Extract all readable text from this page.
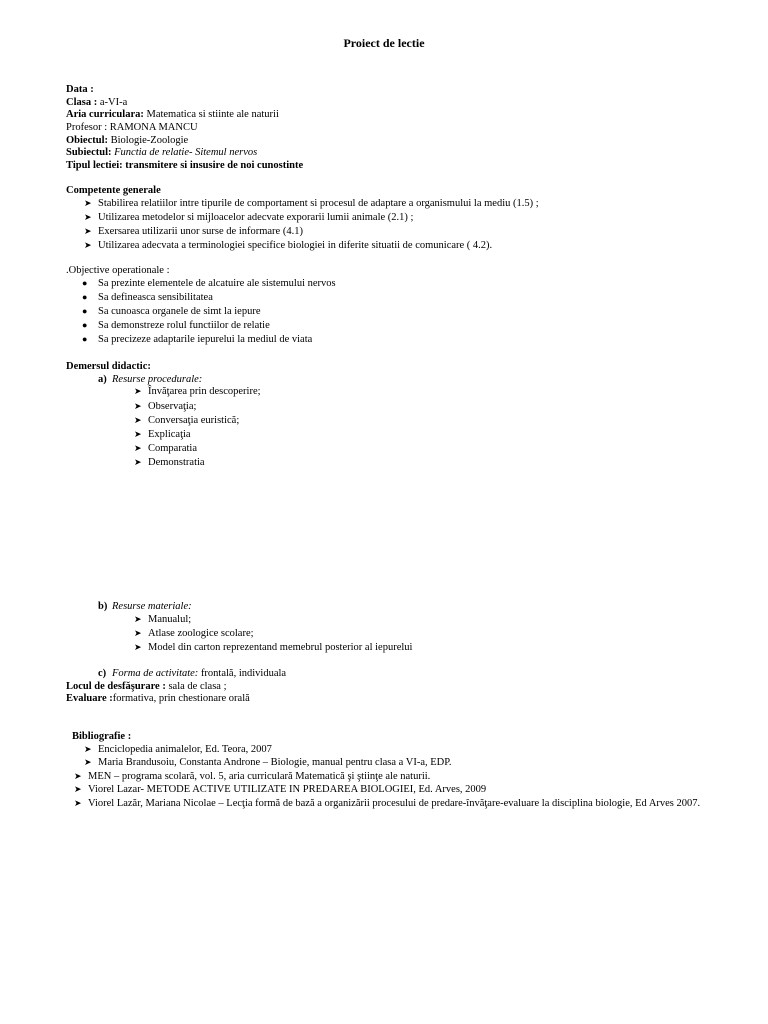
Proiect de lectie
Data :
Clasa : a-VI-a
Aria curriculara: Matematica si stiinte ale naturii
Profesor : RAMONA MANCU
Obiectul: Biologie-Zoologie
Subiectul: Functia de relatie- Sitemul nervos
Tipul lectiei: transmitere si insusire de noi cunostinte
Competente generale
➤ Stabilirea relatiilor intre tipurile de comportament si procesul de adaptare a organismului la mediu (1.5) ;
➤ Utilizarea metodelor si mijloacelor adecvate exporarii lumii animale (2.1) ;
➤ Exersarea utilizarii unor surse de informare (4.1)
➤ Utilizarea adecvata a terminologiei specifice biologiei in diferite situatii de comunicare ( 4.2).
.Objective operationale :
● Sa prezinte elementele de alcatuire ale sistemului nervos
● Sa defineasca sensibilitatea
● Sa cunoasca organele de simt la iepure
● Sa demonstreze rolul functiilor de relatie
● Sa precizeze adaptarile iepurelui la mediul de viata
Demersul didactic:
a) Resurse procedurale:
➤ Învăţarea prin descoperire;
➤ Observaţia;
➤ Conversaţia euristică;
➤ Explicaţia
➤ Comparatia
➤ Demonstratia
b) Resurse materiale:
➤ Manualul;
➤ Atlase zoologice scolare;
➤ Model din carton reprezentand memebrul posterior al iepurelui
c) Forma de activitate: frontală, individuala
Locul de desfăşurare : sala de clasa ;
Evaluare :formativa, prin chestionare orală
Bibliografie :
➤ Enciclopedia animalelor, Ed. Teora, 2007
➤ Maria Brandusoiu, Constanta Androne – Biologie, manual pentru clasa a VI-a, EDP.
➤ MEN – programa scolară, vol. 5, aria curriculară Matematică şi ştiinţe ale naturii.
➤ Viorel Lazar- METODE ACTIVE UTILIZATE IN PREDAREA BIOLOGIEI, Ed. Arves, 2009
➤ Viorel Lazăr, Mariana Nicolae – Lecţia formă de bază a organizării procesului de predare-învăţare-evaluare la disciplina biologie, Ed Arves 2007.
